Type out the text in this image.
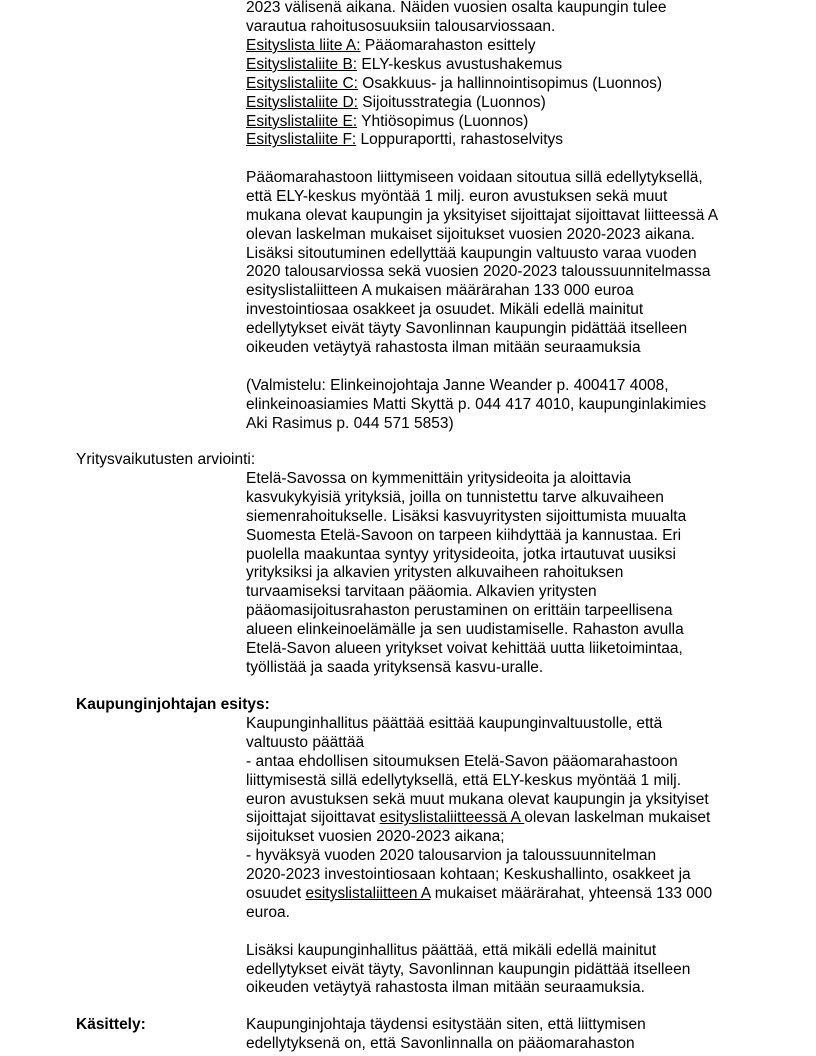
2023 välisenä aikana. Näiden vuosien osalta kaupungin tulee
varautua rahoitusosuuksiin talousarviossaan.
Esityslista liite A: Pääomarahaston esittely
Esityslistaliite B: ELY-keskus avustushakemus
Esityslistaliite C: Osakkuus- ja hallinnointisopimus (Luonnos)
Esityslistaliite D: Sijoitusstrategia (Luonnos)
Esityslistaliite E: Yhtiösopimus (Luonnos)
Esityslistaliite F: Loppuraportti, rahastoselvitys
Pääomarahastoon liittymiseen voidaan sitoutua sillä edellytyksellä,
että ELY-keskus myöntää 1 milj. euron avustuksen sekä muut
mukana olevat kaupungin ja yksityiset sijoittajat sijoittavat liitteessä A
olevan laskelman mukaiset sijoitukset vuosien 2020-2023 aikana.
Lisäksi sitoutuminen edellyttää kaupungin valtuusto varaa vuoden
2020 talousarviossa sekä vuosien 2020-2023 taloussuunnitelmassa
esityslistaliitteen A mukaisen määrärahan 133 000 euroa
investointiosaa osakkeet ja osuudet. Mikäli edellä mainitut
edellytykset eivät täyty Savonlinnan kaupungin pidättää itselleen
oikeuden vetäytyä rahastosta ilman mitään seuraamuksia
(Valmistelu: Elinkeinojohtaja Janne Weander p. 400417 4008,
elinkeinoasiamies Matti Skyttä p. 044 417 4010, kaupunginlakimies
Aki Rasimus p. 044 571 5853)
Yritysvaikutusten arviointi:
Etelä-Savossa on kymmenittäin yritysideoita ja aloittavia
kasvukykyisiä yrityksiä, joilla on tunnistettu tarve alkuvaiheen
siemenrahoitukselle. Lisäksi kasvuyritysten sijoittumista muualta
Suomesta Etelä-Savoon on tarpeen kiihdyttää ja kannustaa. Eri
puolella maakuntaa syntyy yritysideoita, jotka irtautuvat uusiksi
yrityksiksi ja alkavien yritysten alkuvaiheen rahoituksen
turvaamiseksi tarvitaan pääomia. Alkavien yritysten
pääomasijoitusrahaston perustaminen on erittäin tarpeellisena
alueen elinkeinoelämälle ja sen uudistamiselle. Rahaston avulla
Etelä-Savon alueen yritykset voivat kehittää uutta liiketoimintaa,
työllistää ja saada yrityksensä kasvu-uralle.
Kaupunginjohtajan esitys:
Kaupunginhallitus päättää esittää kaupunginvaltuustolle, että
valtuusto päättää
- antaa ehdollisen sitoumuksen Etelä-Savon pääomarahastoon
liittymisestä sillä edellytyksellä, että ELY-keskus myöntää 1 milj.
euron avustuksen sekä muut mukana olevat kaupungin ja yksityiset
sijoittajat sijoittavat esityslistaliitteessä A olevan laskelman mukaiset
sijoitukset vuosien 2020-2023 aikana;
- hyväksyä vuoden 2020 talousarvion ja taloussuunnitelman
2020-2023 investointiosaan kohtaan; Keskushallinto, osakkeet ja
osuudet esityslistaliitteen A mukaiset määrärahat, yhteensä 133 000
euroa.
Lisäksi kaupunginhallitus päättää, että mikäli edellä mainitut
edellytykset eivät täyty, Savonlinnan kaupungin pidättää itselleen
oikeuden vetäytyä rahastosta ilman mitään seuraamuksia.
Käsittely:	Kaupunginjohtaja täydensi esitystään siten, että liittymisen
edellytyksenä on, että Savonlinnalla on pääomarahaston
